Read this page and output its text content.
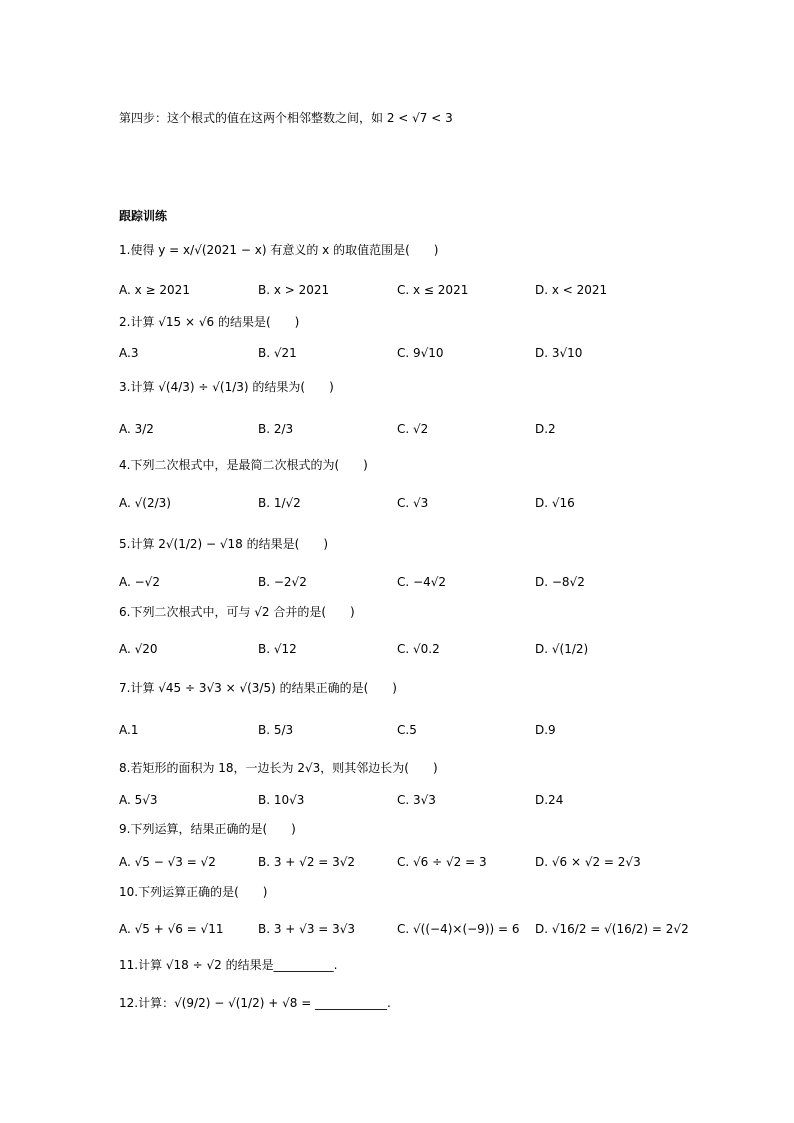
第四步：这个根式的值在这两个相邻整数之间，如 2 < √7 < 3
跟踪训练
1.使得 y = x/√(2021 − x) 有意义的 x 的取值范围是(　　)
A. x ≥ 2021	B. x > 2021	C. x ≤ 2021	D. x < 2021
2.计算 √15 × √6 的结果是(　　)
A.3	B. √21	C. 9√10	D. 3√10
3.计算 √(4/3) ÷ √(1/3) 的结果为(　　)
A. 3/2	B. 2/3	C. √2	D.2
4.下列二次根式中，是最简二次根式的为(　　)
A. √(2/3)	B. 1/√2	C. √3	D. √16
5.计算 2√(1/2) − √18 的结果是(　　)
A. −√2	B. −2√2	C. −4√2	D. −8√2
6.下列二次根式中，可与 √2 合并的是(　　)
A. √20	B. √12	C. √0.2	D. √(1/2)
7.计算 √45 ÷ 3√3 × √(3/5) 的结果正确的是(　　)
A.1	B. 5/3	C.5	D.9
8.若矩形的面积为 18，一边长为 2√3，则其邻边长为(　　)
A. 5√3	B. 10√3	C. 3√3	D.24
9.下列运算，结果正确的是(　　)
A. √5 − √3 = √2	B. 3 + √2 = 3√2	C. √6 ÷ √2 = 3	D. √6 × √2 = 2√3
10.下列运算正确的是(　　)
A. √5 + √6 = √11	B. 3 + √3 = 3√3	C. √((−4)×(−9)) = 6 D. √16/2 = √(16/2) = 2√2
11.计算 √18 ÷ √2 的结果是__________.
12.计算：√(9/2) − √(1/2) + √8 = ____________.
